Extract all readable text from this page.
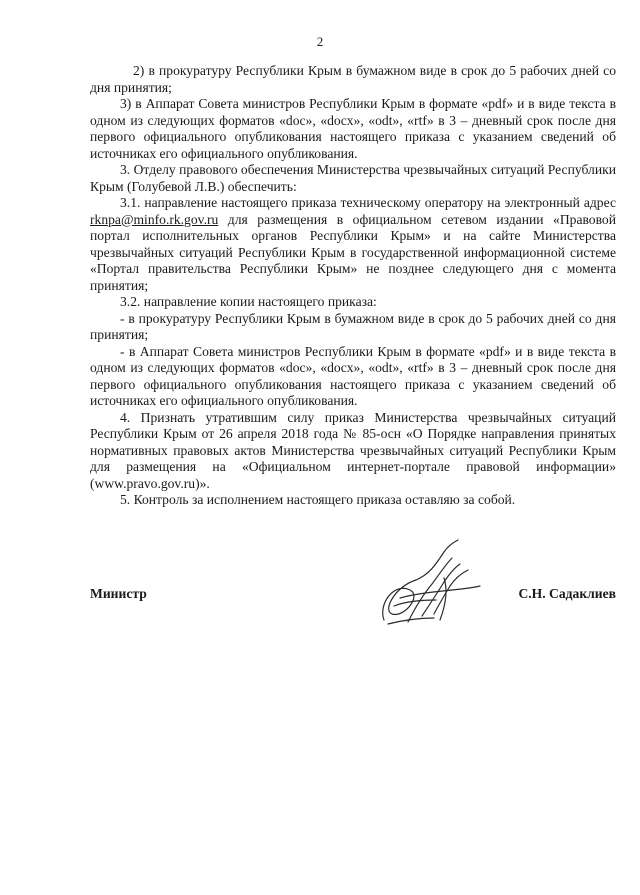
2

2) в прокуратуру Республики Крым в бумажном виде в срок до 5 рабочих дней со дня принятия;

3) в Аппарат Совета министров Республики Крым в формате «pdf» и в виде текста в одном из следующих форматов «doc», «docx», «odt», «rtf» в 3 – дневный срок после дня первого официального опубликования настоящего приказа с указанием сведений об источниках его официального опубликования.

3. Отделу правового обеспечения Министерства чрезвычайных ситуаций Республики Крым (Голубевой Л.В.) обеспечить:

3.1. направление настоящего приказа техническому оператору на электронный адрес rknpa@minfo.rk.gov.ru для размещения в официальном сетевом издании «Правовой портал исполнительных органов Республики Крым» и на сайте Министерства чрезвычайных ситуаций Республики Крым в государственной информационной системе «Портал правительства Республики Крым» не позднее следующего дня с момента принятия;

3.2. направление копии настоящего приказа:

- в прокуратуру Республики Крым в бумажном виде в срок до 5 рабочих дней со дня принятия;

- в Аппарат Совета министров Республики Крым в формате «pdf» и в виде текста в одном из следующих форматов «doc», «docx», «odt», «rtf» в 3 – дневный срок после дня первого официального опубликования настоящего приказа с указанием сведений об источниках его официального опубликования.

4. Признать утратившим силу приказ Министерства чрезвычайных ситуаций Республики Крым от 26 апреля 2018 года № 85-осн «О Порядке направления принятых нормативных правовых актов Министерства чрезвычайных ситуаций Республики Крым для размещения на «Официальном интернет-портале правовой информации» (www.pravo.gov.ru)».

5. Контроль за исполнением настоящего приказа оставляю за собой.

Министр	С.Н. Садаклиев
